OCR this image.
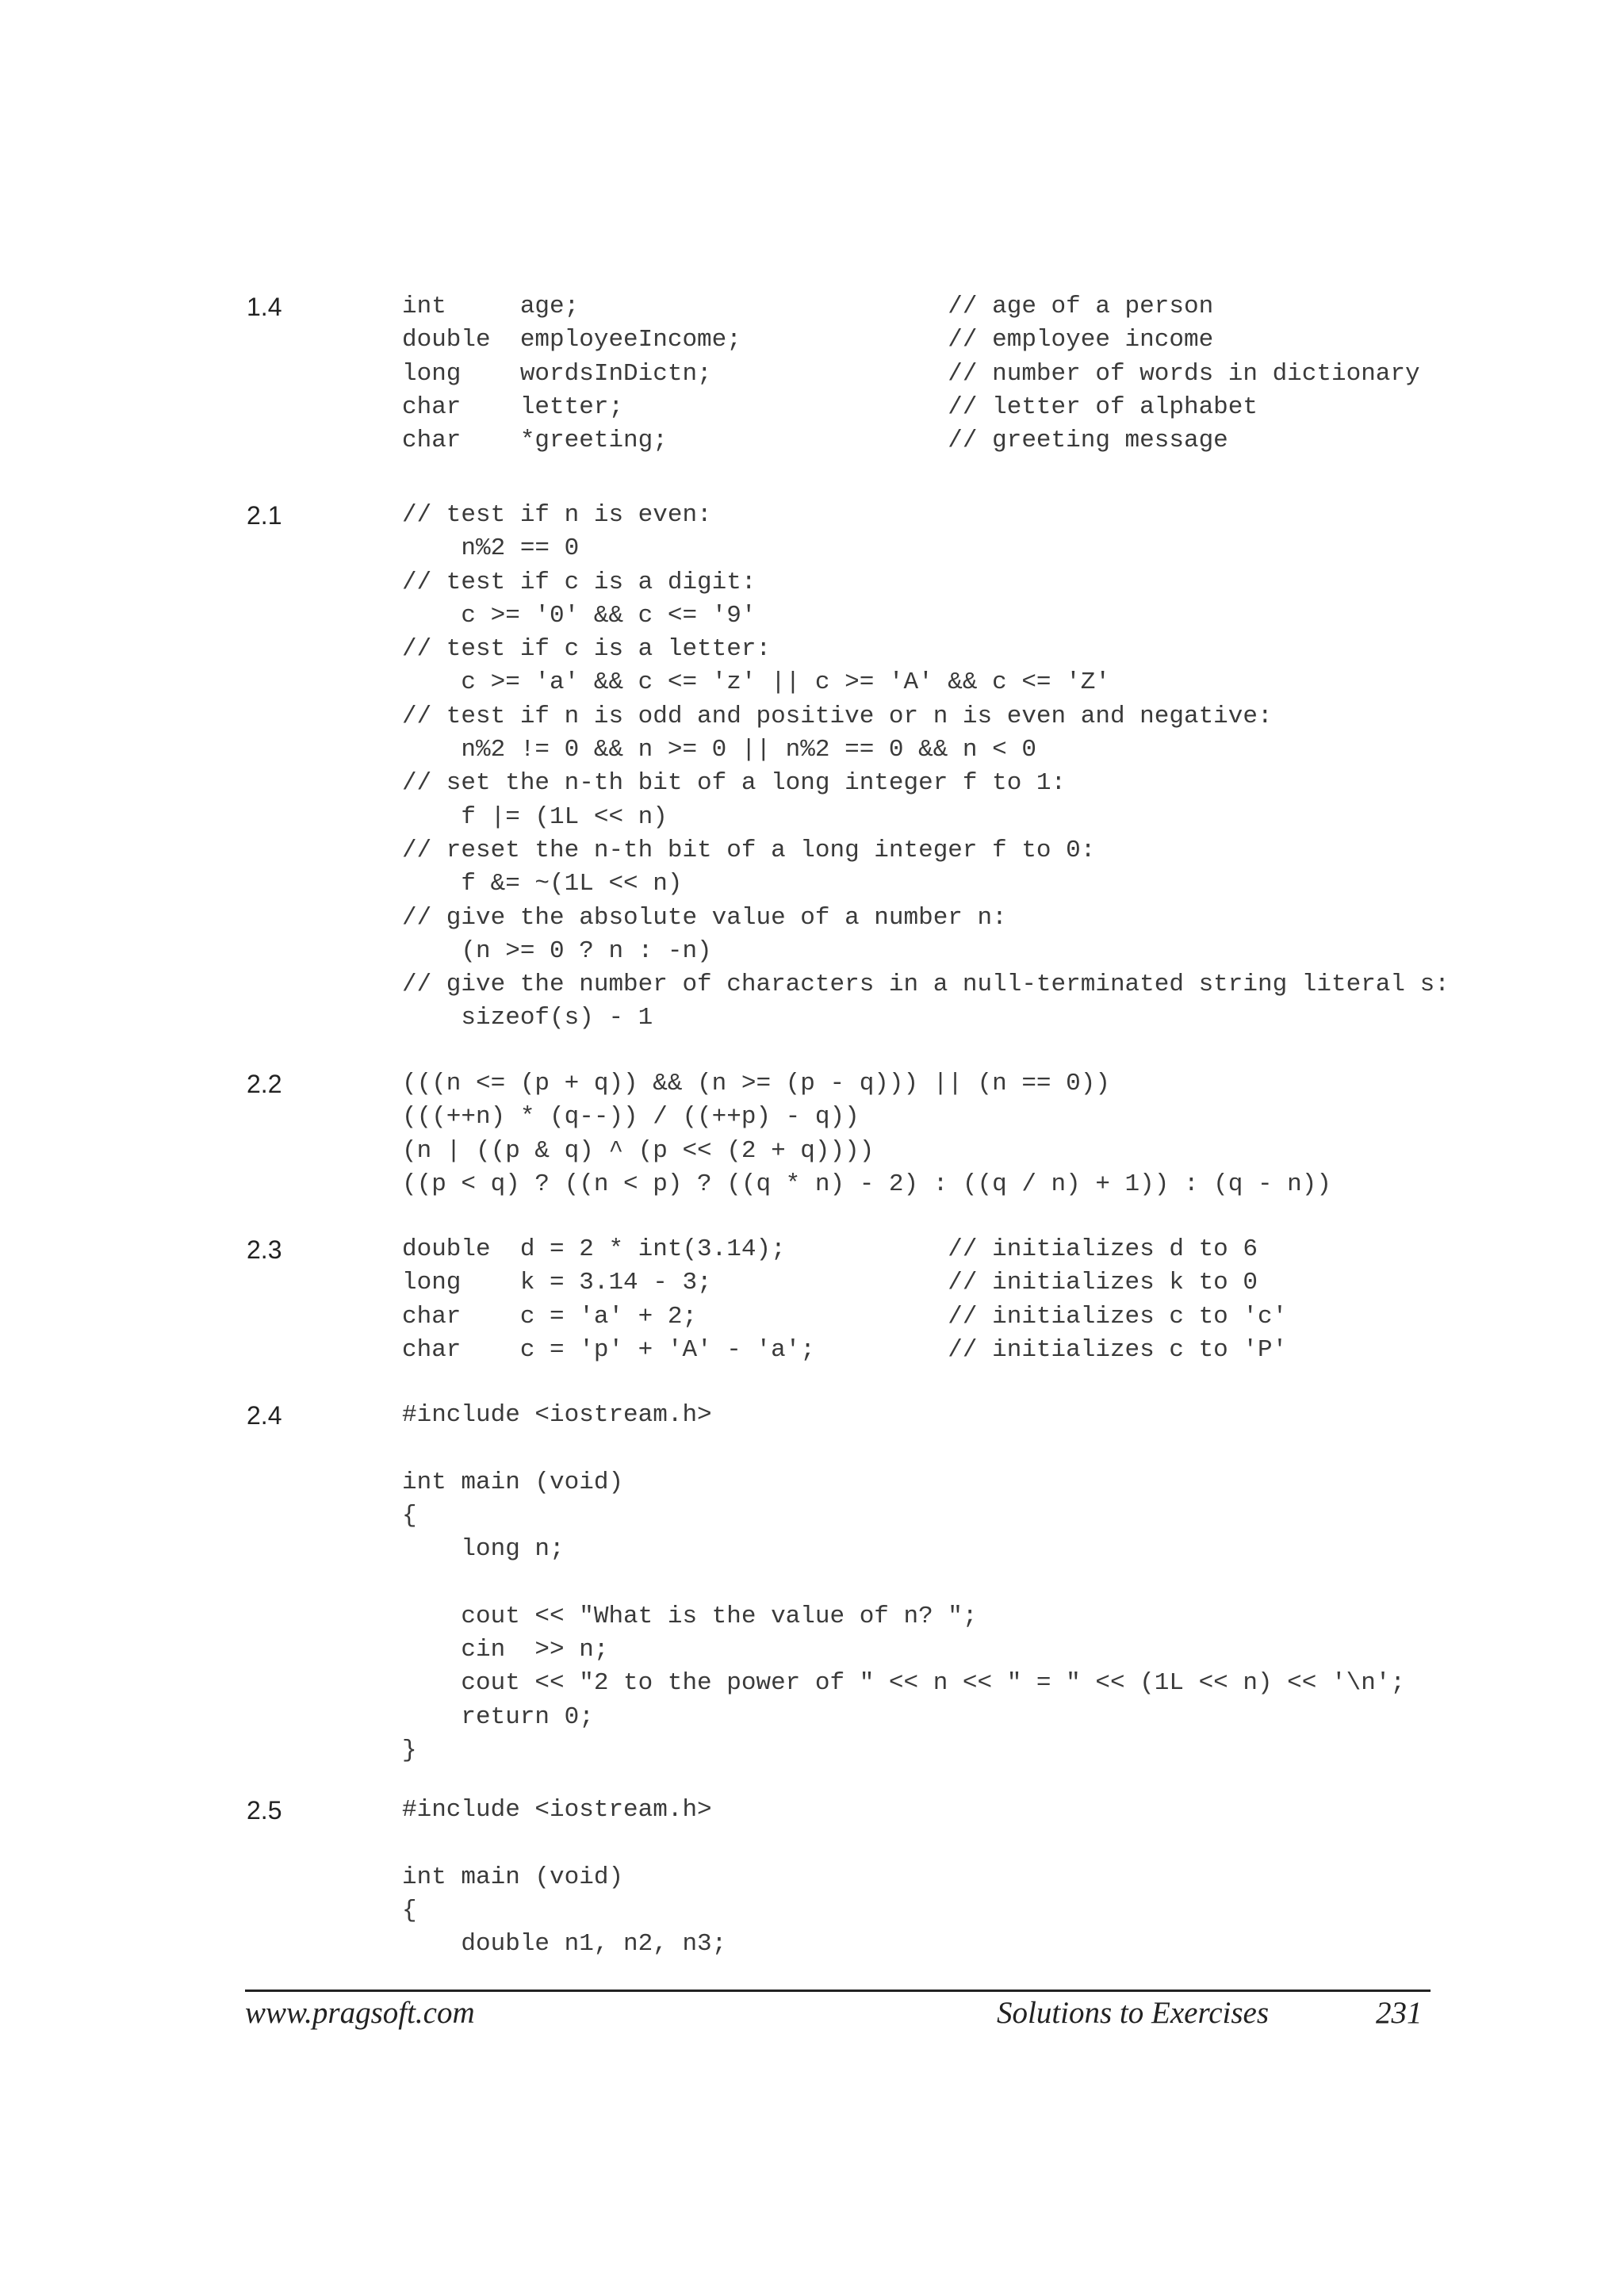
1.4	int     age;                         // age of a person
double  employeeIncome;              // employee income
long    wordsInDictn;                // number of words in dictionary
char    letter;                      // letter of alphabet
char    *greeting;                   // greeting message
2.1	// test if n is even:
n%2 == 0
// test if c is a digit:
c >= '0' && c <= '9'
// test if c is a letter:
c >= 'a' && c <= 'z' || c >= 'A' && c <= 'Z'
// test if n is odd and positive or n is even and negative:
n%2 != 0 && n >= 0 || n%2 == 0 && n < 0
// set the n-th bit of a long integer f to 1:
f |= (1L << n)
// reset the n-th bit of a long integer f to 0:
f &= ~(1L << n)
// give the absolute value of a number n:
(n >= 0 ? n : -n)
// give the number of characters in a null-terminated string literal s:
sizeof(s) - 1
2.2	(((n <= (p + q)) && (n >= (p - q))) || (n == 0))
(((++n) * (q--)) / ((++p) - q))
(n | ((p & q) ^ (p << (2 + q))))
((p < q) ? ((n < p) ? ((q * n) - 2) : ((q / n) + 1)) : (q - n))
2.3	double  d = 2 * int(3.14);           // initializes d to 6
long    k = 3.14 - 3;                // initializes k to 0
char    c = 'a' + 2;                 // initializes c to 'c'
char    c = 'p' + 'A' - 'a';         // initializes c to 'P'
2.4	#include <iostream.h>
int main (void)
{
long n;
cout << "What is the value of n? ";
cin  >> n;
cout << "2 to the power of " << n << " = " << (1L << n) << '\n';
return 0;
}
2.5	#include <iostream.h>
int main (void)
{
double n1, n2, n3;
www.pragsoft.com	Solutions to Exercises	231
